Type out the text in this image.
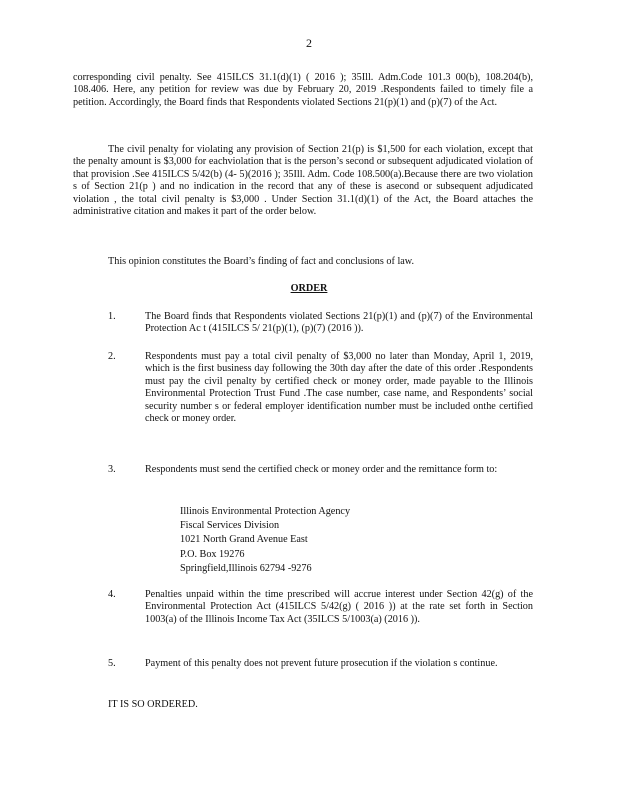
2
corresponding civil penalty. See 415ILCS 31.1(d)(1) ( 2016 ); 35Ill. Adm.Code 101.3 00(b), 108.204(b), 108.406. Here, any petition for review was due by February 20, 2019 .Respondents failed to timely file a petition. Accordingly, the Board finds that Respondents violated Sections 21(p)(1) and (p)(7) of the Act.
The civil penalty for violating any provision of Section 21(p) is $1,500 for each violation, except that the penalty amount is $3,000 for eachviolation that is the person’s second or subsequent adjudicated violation of that provision .See 415ILCS 5/42(b) (4- 5)(2016 ); 35Ill. Adm. Code 108.500(a).Because there are two violation s of Section 21(p ) and no indication in the record that any of these is asecond or subsequent adjudicated violation , the total civil penalty is $3,000 . Under Section 31.1(d)(1) of the Act, the Board attaches the administrative citation and makes it part of the order below.
This opinion constitutes the Board’s finding of fact and conclusions of law.
ORDER
1.	The Board finds that Respondents violated Sections 21(p)(1) and (p)(7) of the Environmental Protection Ac t (415ILCS 5/ 21(p)(1), (p)(7) (2016 )).
2.	Respondents must pay a total civil penalty of $3,000 no later than Monday, April 1, 2019, which is the first business day following the 30th day after the date of this order .Respondents must pay the civil penalty by certified check or money order, made payable to the Illinois Environmental Protection Trust Fund .The case number, case name, and Respondents’ social security number s or federal employer identification number must be included onthe certified check or money order.
3.	Respondents must send the certified check or money order and the remittance form to:
Illinois Environmental Protection Agency
Fiscal Services Division
1021 North Grand Avenue East
P.O. Box 19276
Springfield,Illinois 62794 -9276
4.	Penalties unpaid within the time prescribed will accrue interest under Section 42(g) of the Environmental Protection Act (415ILCS 5/42(g) ( 2016 )) at the rate set forth in Section 1003(a) of the Illinois Income Tax Act (35ILCS 5/1003(a) (2016 )).
5.	Payment of this penalty does not prevent future prosecution if the violation s continue.
IT IS SO ORDERED.
